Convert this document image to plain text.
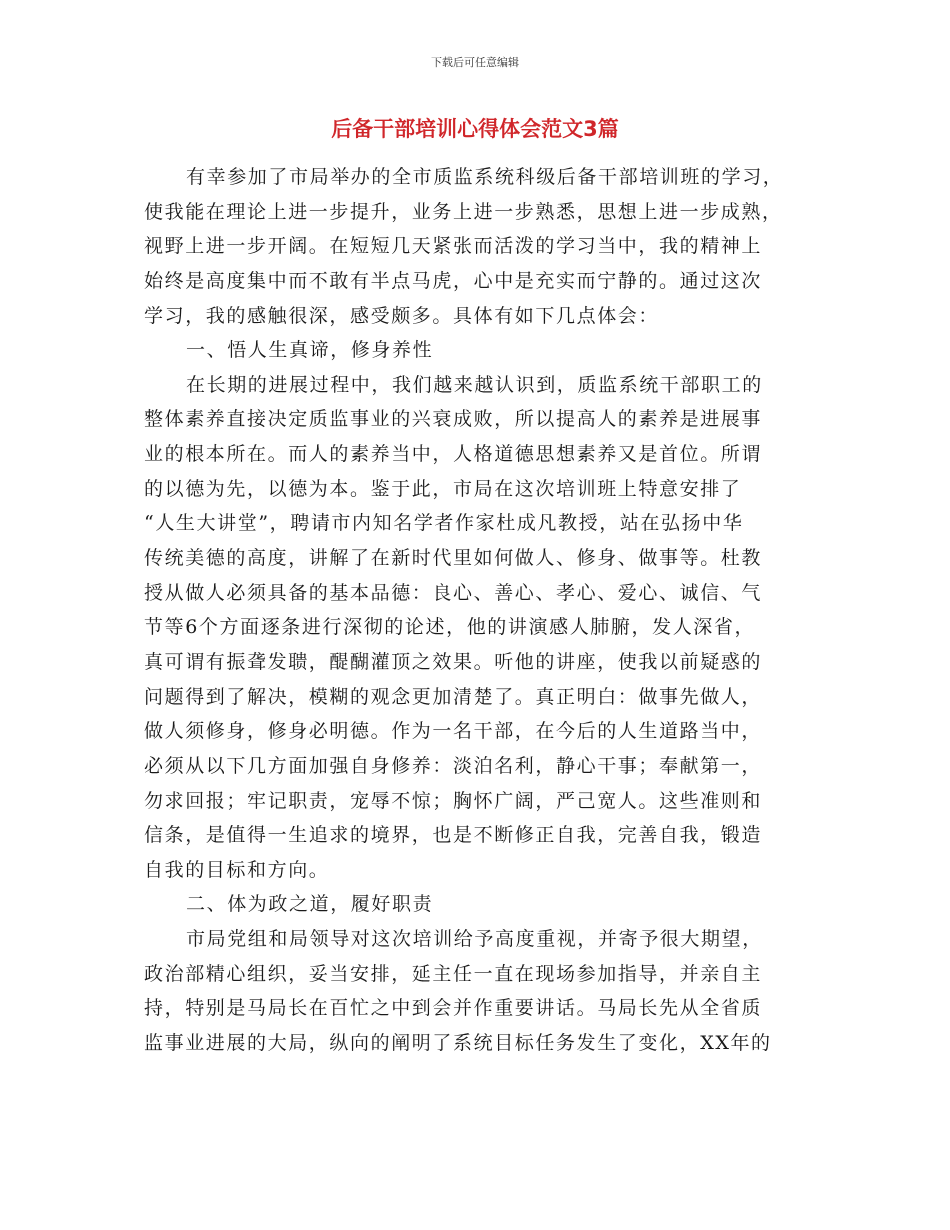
下载后可任意编辑
后备干部培训心得体会范文3篇
有幸参加了市局举办的全市质监系统科级后备干部培训班的学习，
使我能在理论上进一步提升，业务上进一步熟悉，思想上进一步成熟，
视野上进一步开阔。在短短几天紧张而活泼的学习当中，我的精神上
始终是高度集中而不敢有半点马虎，心中是充实而宁静的。通过这次
学习，我的感触很深，感受颇多。具体有如下几点体会：
一、悟人生真谛，修身养性
在长期的进展过程中，我们越来越认识到，质监系统干部职工的
整体素养直接决定质监事业的兴衰成败，所以提高人的素养是进展事
业的根本所在。而人的素养当中，人格道德思想素养又是首位。所谓
的以德为先，以德为本。鉴于此，市局在这次培训班上特意安排了
“人生大讲堂”，聘请市内知名学者作家杜成凡教授，站在弘扬中华
传统美德的高度，讲解了在新时代里如何做人、修身、做事等。杜教
授从做人必须具备的基本品德：良心、善心、孝心、爱心、诚信、气
节等6个方面逐条进行深彻的论述，他的讲演感人肺腑，发人深省，
真可谓有振聋发聩，醍醐灌顶之效果。听他的讲座，使我以前疑惑的
问题得到了解决，模糊的观念更加清楚了。真正明白：做事先做人，
做人须修身，修身必明德。作为一名干部，在今后的人生道路当中，
必须从以下几方面加强自身修养：淡泊名利，静心干事；奉献第一，
勿求回报；牢记职责，宠辱不惊；胸怀广阔，严己宽人。这些准则和
信条，是值得一生追求的境界，也是不断修正自我，完善自我，锻造
自我的目标和方向。
二、体为政之道，履好职责
市局党组和局领导对这次培训给予高度重视，并寄予很大期望，
政治部精心组织，妥当安排，延主任一直在现场参加指导，并亲自主
持，特别是马局长在百忙之中到会并作重要讲话。马局长先从全省质
监事业进展的大局，纵向的阐明了系统目标任务发生了变化，XX年的
